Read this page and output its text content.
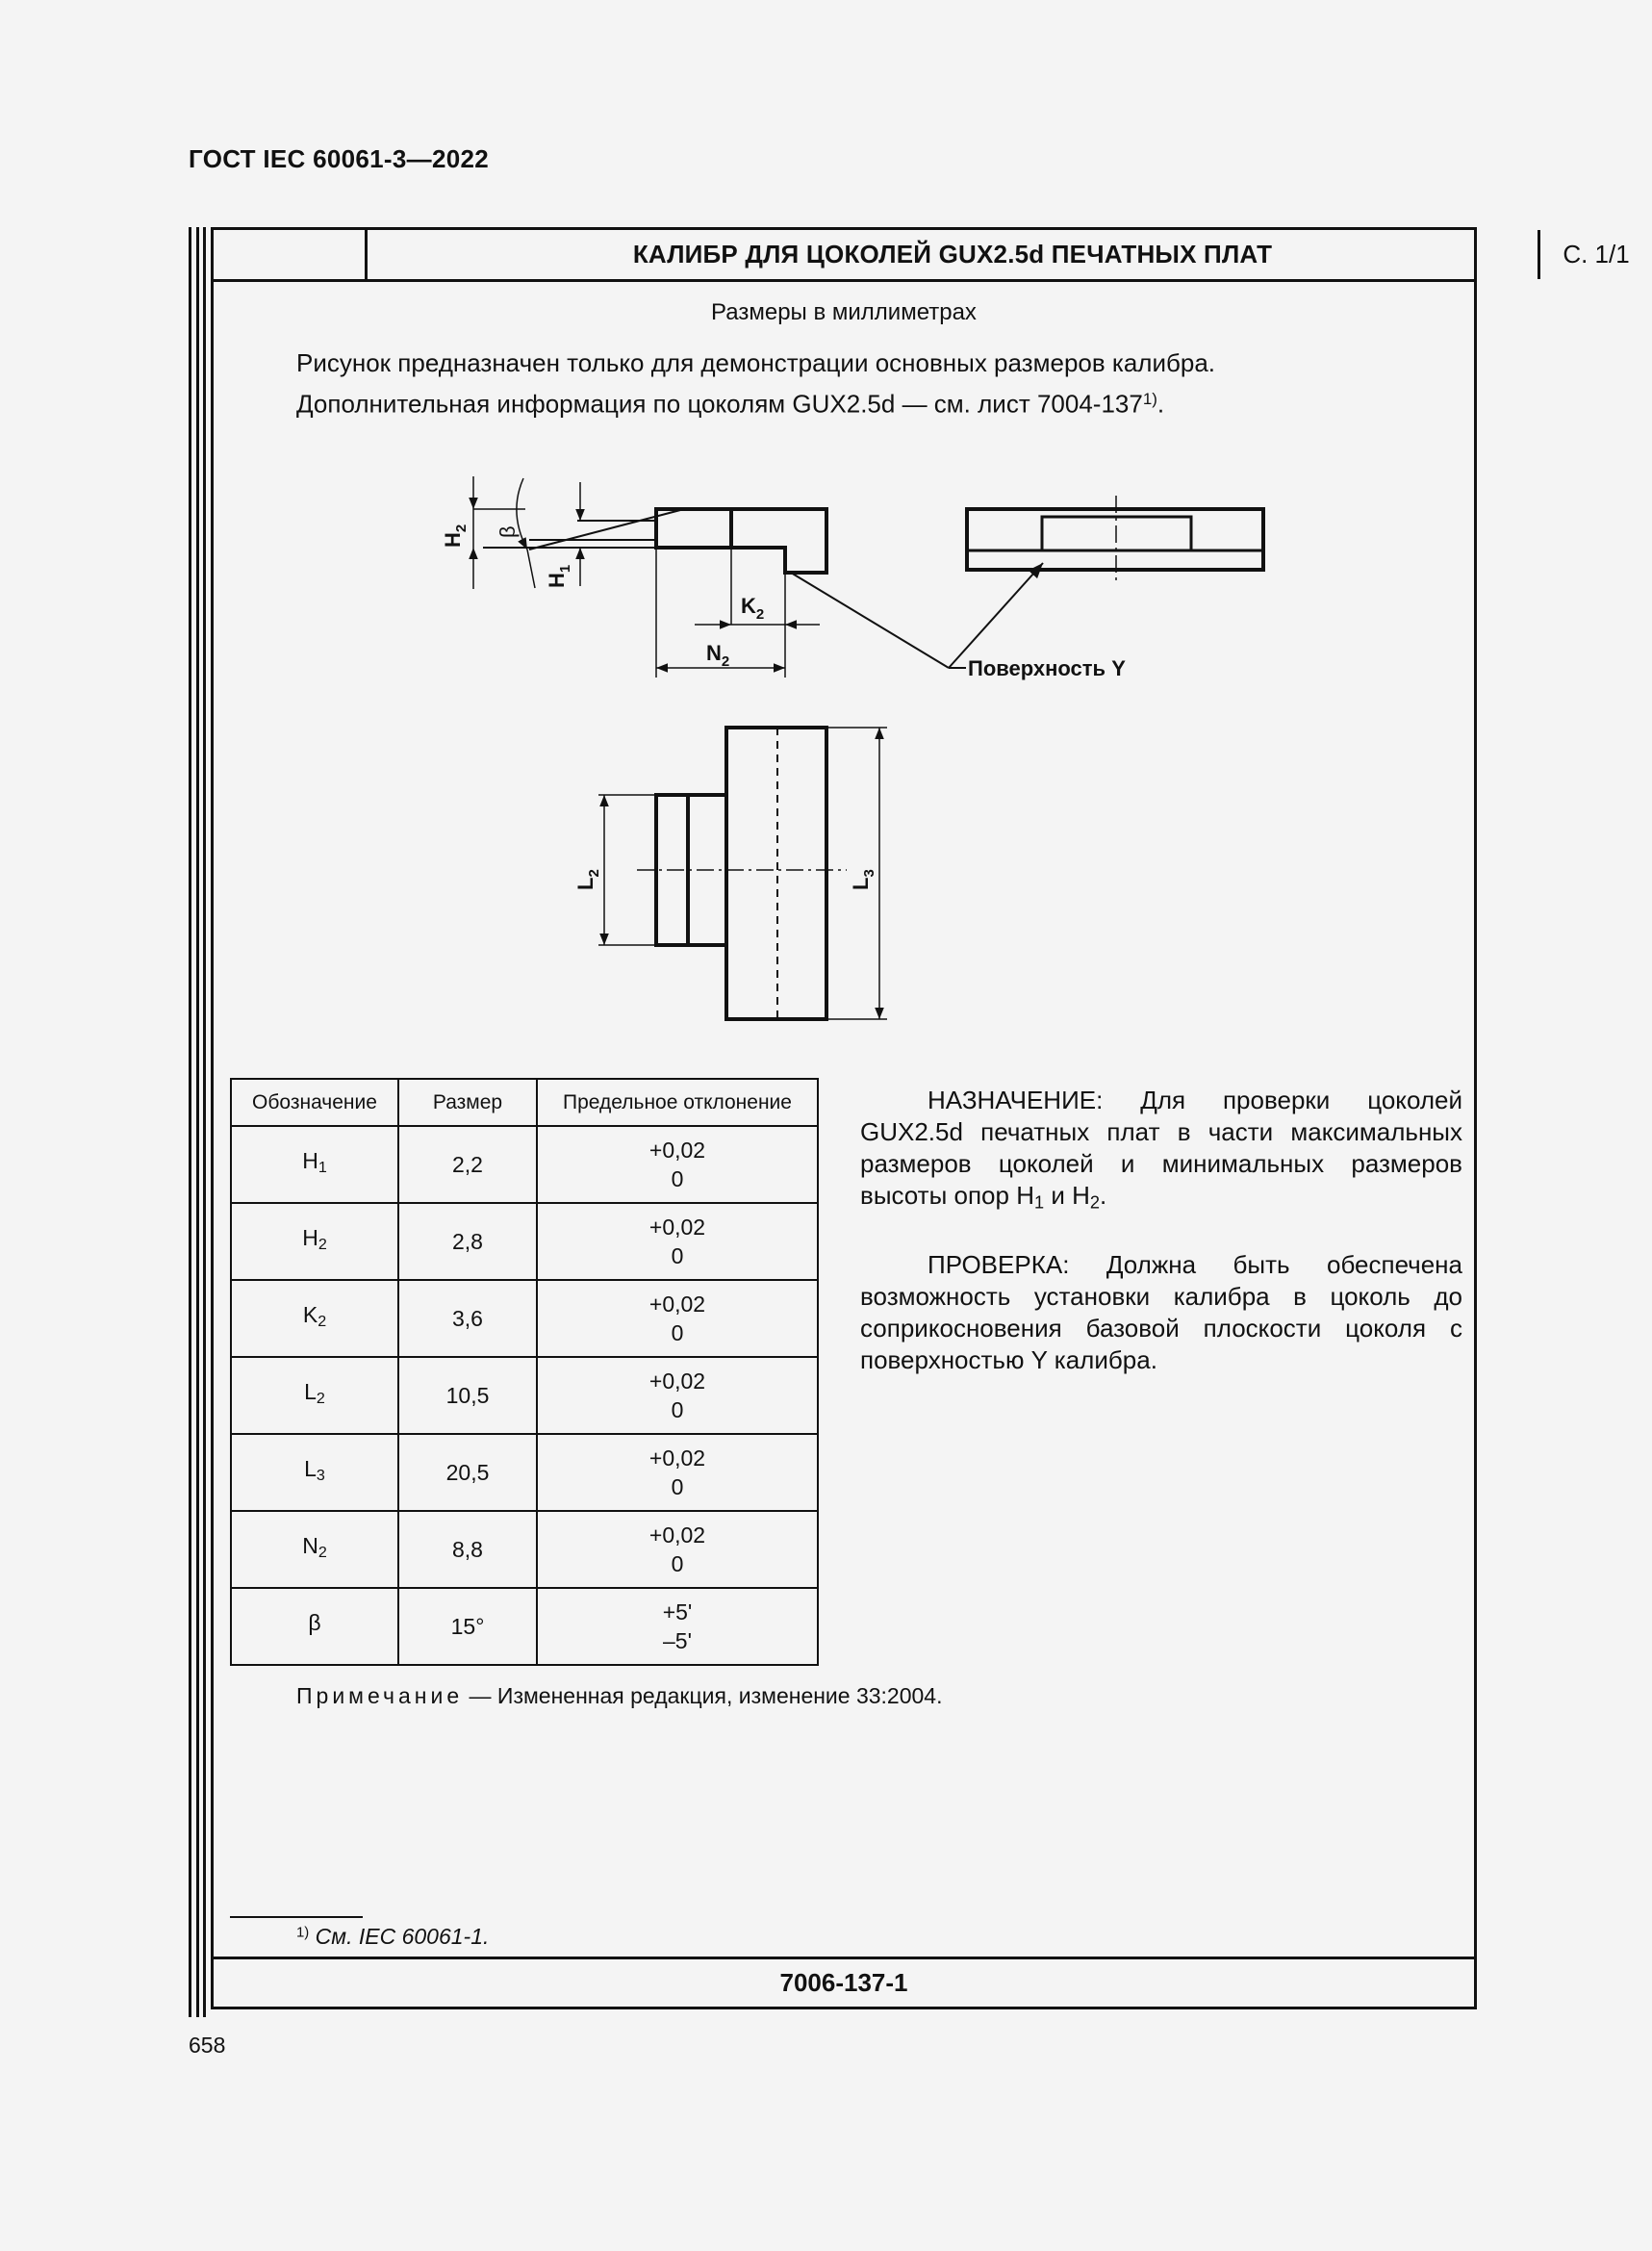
ГОСТ IEC 60061-3—2022
КАЛИБР ДЛЯ ЦОКОЛЕЙ GUX2.5d ПЕЧАТНЫХ ПЛАТ	С. 1/1
Размеры в миллиметрах
Рисунок предназначен только для демонстрации основных размеров калибра.
Дополнительная информация по цоколям GUX2.5d — см. лист 7004-137$^{1)}$.
$H_2$ β
$H_1$
$K_2$
$N_2$	Поверхность Y
$L_2$
$L_3$
Обозначение	Размер	Предельное отклонение
$H_1$	2,2	+0,02
0

$H_2$	2,8	+0,02
0

$K_2$	3,6	+0,02
0

$L_2$	10,5	+0,02
0

$L_3$	20,5	+0,02
0

$N_2$	8,8	+0,02
0

β	15°	+5'
–5'

НАЗНАЧЕНИЕ: Для проверки цоколей GUX2.5d печатных плат в части максимальных размеров цоколей и минимальных размеров высоты опор $H_1$ и $H_2$.

ПРОВЕРКА: Должна быть обеспечена возможность установки калибра в цоколь до соприкосновения базовой плоскости цоколя с поверхностью Y калибра.

Примечание — Измененная редакция, изменение 33:2004.
$^{1)}$ См. IEC 60061-1.
7006-137-1
658
